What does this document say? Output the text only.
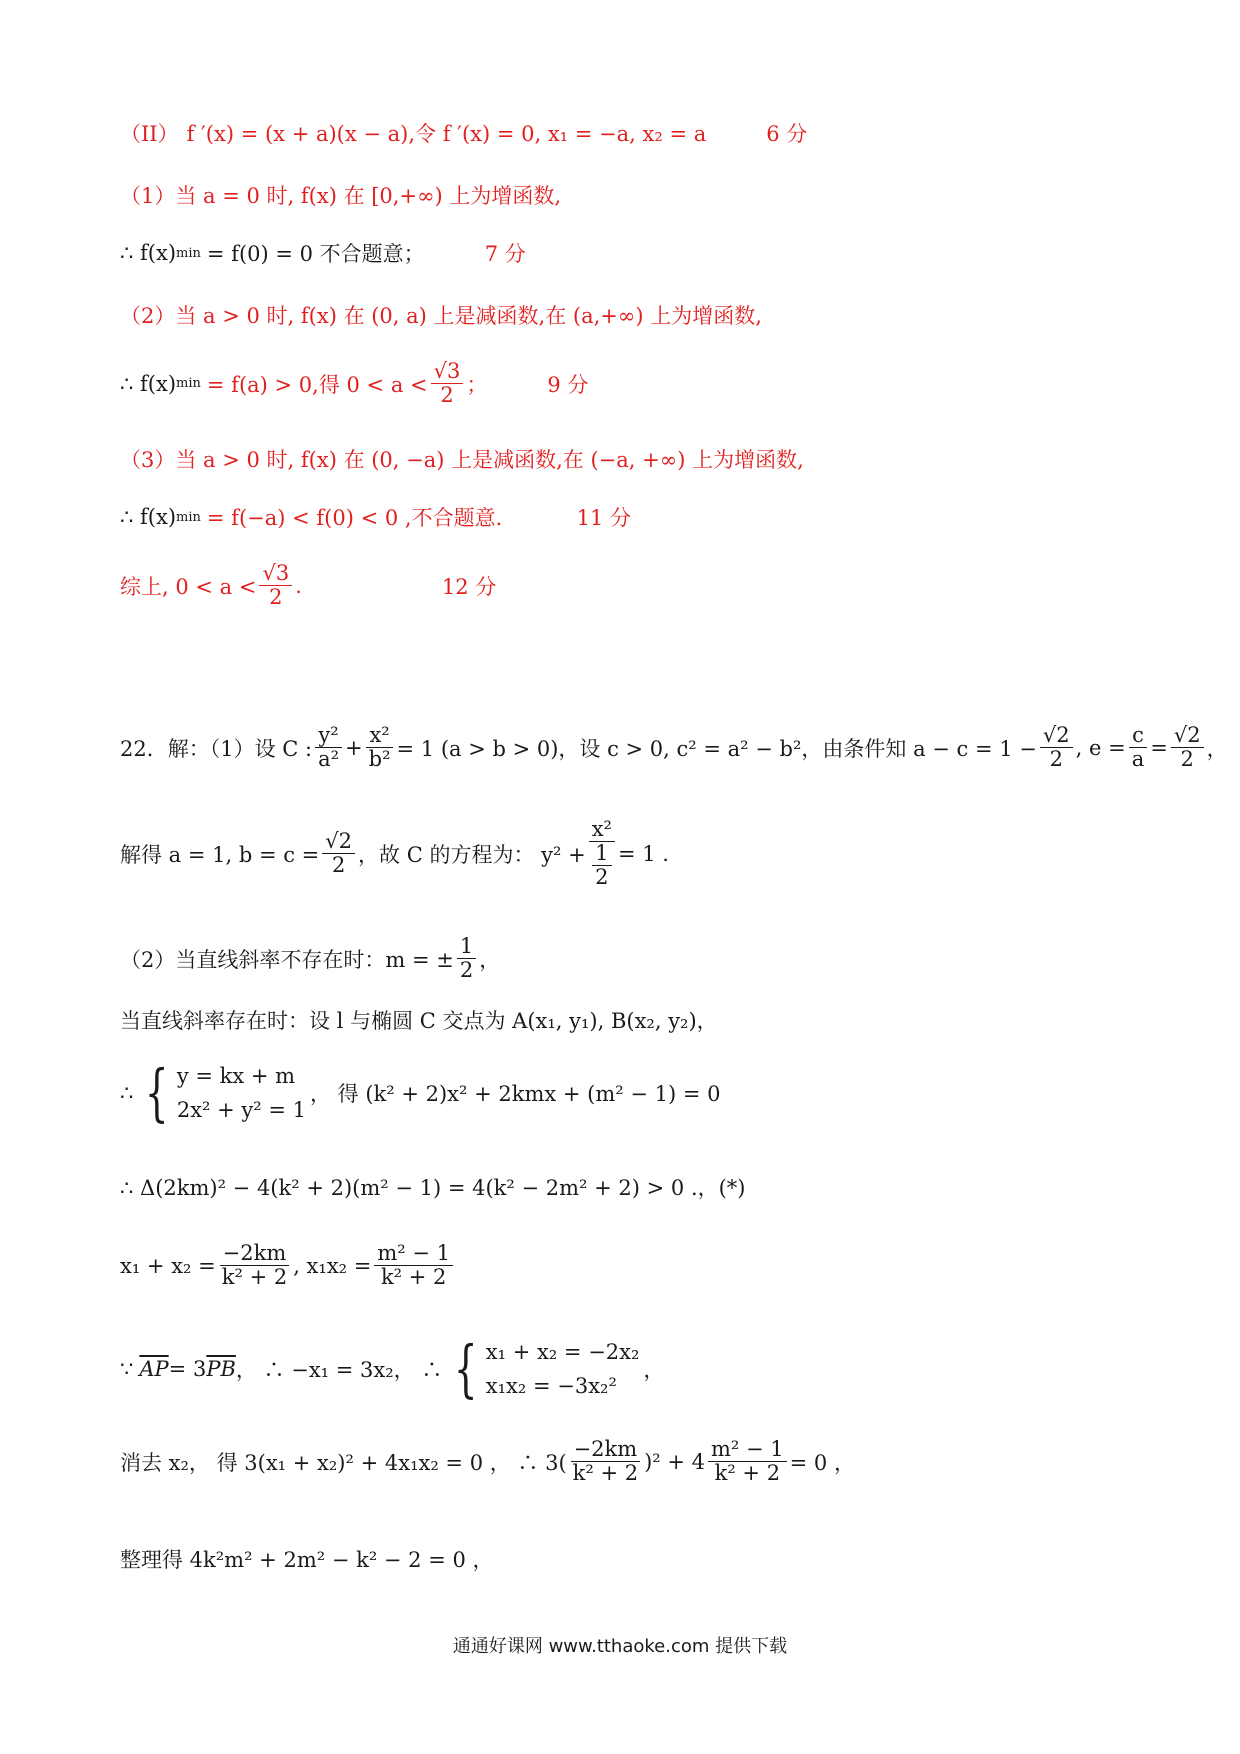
（II） f ′(x) = (x + a)(x − a),令 f ′(x) = 0, x₁ = −a, x₂ = a	6 分
（1）当 a = 0 时, f(x) 在 [0,+∞) 上为增函数,
∴ f(x) min = f(0) = 0 不合题意；	7 分
（2）当 a > 0 时, f(x) 在 (0, a) 上是减函数,在 (a,+∞) 上为增函数,
∴ f(x) min = f(a) > 0,得 $0 < a < \frac{√3}{2}$ ；	9 分
（3）当 a > 0 时, f(x) 在 (0, −a) 上是减函数,在 (−a, +∞) 上为增函数,
∴ f(x) min = f(−a) < f(0) < 0 ,不合题意．	11 分
综上, $0 < a < \frac{√3}{2}$ .	12 分
22．解：（1）设 C : $\frac{\text{y²}}{\text{a²}} + \frac{\text{x²}}{\text{b²}} = 1$ (a > b > 0)，设 c > 0, c² = a² − b²，由条件知 $a - c = 1 - \frac{√2}{2}$ , $e = \frac{c}{a} = \frac{√2}{2}$ ，
解得 a = 1, $b = c = \frac{√2}{2}$ ，故 C 的方程为： $y^2 + \frac{\text{x²}}{\frac{1}{2}} = 1$ .
（2）当直线斜率不存在时：m = ± $\frac{1}{2}$ ，
当直线斜率存在时：设 l 与椭圆 C 交点为 A(x₁, y₁), B(x₂, y₂)，
∴ { y = kx + m
2x² + y² = 1
， 得 (k² + 2)x² + 2kmx + (m² − 1) = 0
∴ Δ(2km)² − 4(k² + 2)(m² − 1) = 4(k² − 2m² + 2) > 0 .，(*)
$x_1 + x_2 = \frac{-2km}{\text{k² + 2}}$ , $x_1x_2 = \frac{\text{m² − 1}}{\text{k² + 2}}$
∵ $\overline{AP} = 3$ $\overline{PB}$ ， ∴ −x₁ = 3x₂， ∴ { x₁ + x₂ = −2x₂
x₁x₂ = −3x₂²
，
消去 x₂， 得 3(x₁ + x₂)² + 4x₁x₂ = 0 ， ∴ $3( \frac{-2km}{\text{k² + 2}} )^2 + 4 \frac{\text{m² − 1}}{\text{k² + 2}} = 0$ ，
整理得 4k²m² + 2m² − k² − 2 = 0 ，
通通好课网 www.tthaoke.com 提供下载
